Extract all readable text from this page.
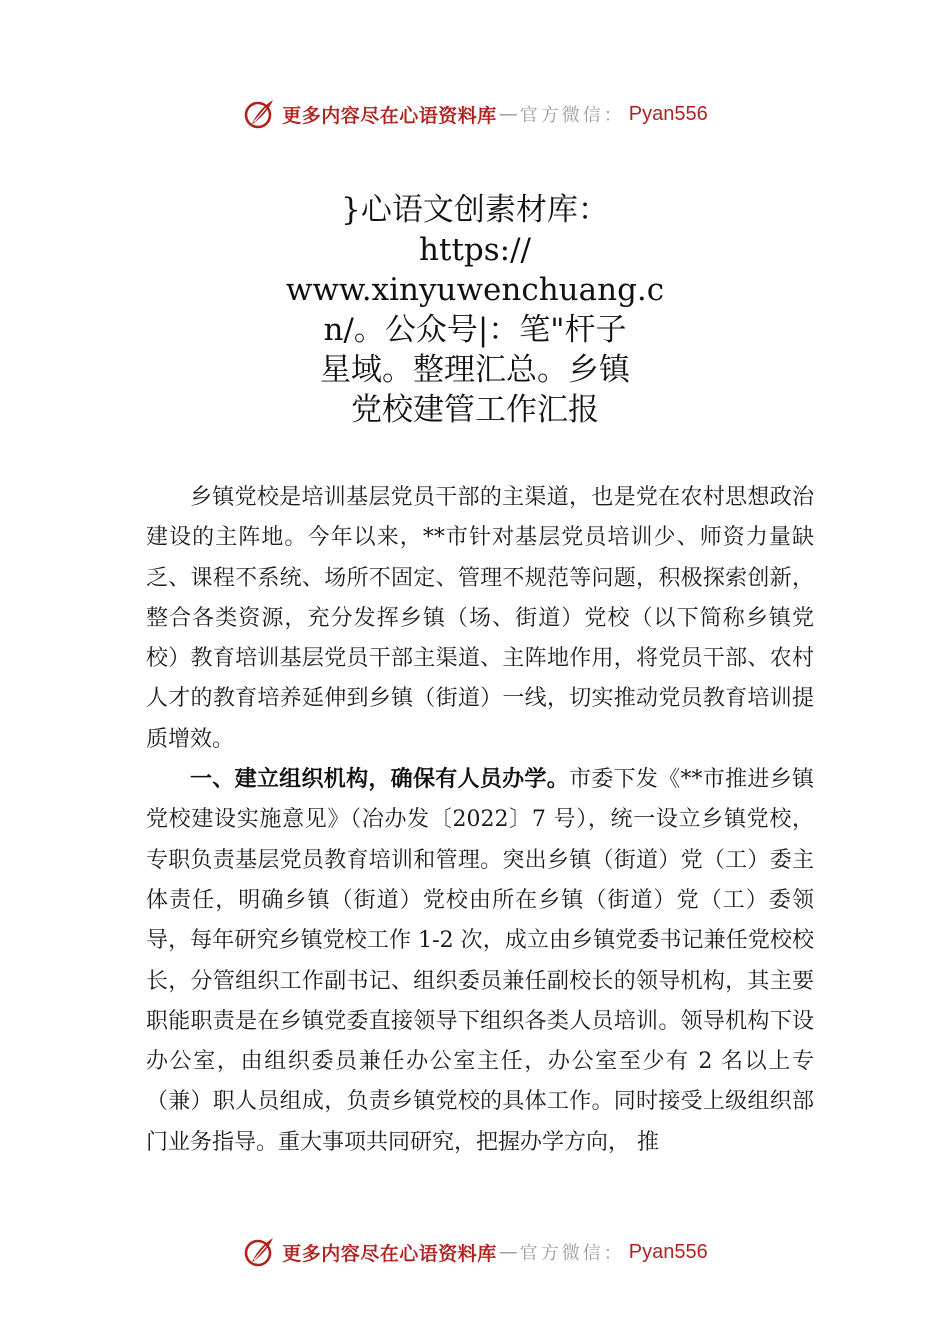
更多内容尽在心语资料库 — 官方微信： Pyan556
}心语文创素材库：
https://
www.xinyuwenchuang.c
n/。公众号|：笔"杆子
星域。整理汇总。乡镇
党校建管工作汇报

乡镇党校是培训基层党员干部的主渠道，也是党在农村思想政治建设的主阵地。今年以来，**市针对基层党员培训少、师资力量缺乏、课程不系统、场所不固定、管理不规范等问题，积极探索创新，整合各类资源，充分发挥乡镇（场、街道）党校（以下简称乡镇党校）教育培训基层党员干部主渠道、主阵地作用，将党员干部、农村人才的教育培养延伸到乡镇（街道）一线，切实推动党员教育培训提质增效。

一、建立组织机构，确保有人员办学。市委下发《**市推进乡镇党校建设实施意见》（冶办发〔2022〕7 号），统一设立乡镇党校，专职负责基层党员教育培训和管理。突出乡镇（街道）党（工）委主体责任，明确乡镇（街道）党校由所在乡镇（街道）党（工）委领导，每年研究乡镇党校工作 1-2 次，成立由乡镇党委书记兼任党校校长，分管组织工作副书记、组织委员兼任副校长的领导机构，其主要职能职责是在乡镇党委直接领导下组织各类人员培训。领导机构下设办公室，由组织委员兼任办公室主任，办公室至少有 2 名以上专（兼）职人员组成，负责乡镇党校的具体工作。同时接受上级组织部门业务指导。重大事项共同研究，把握办学方向， 推

更多内容尽在心语资料库 — 官方微信： Pyan556
